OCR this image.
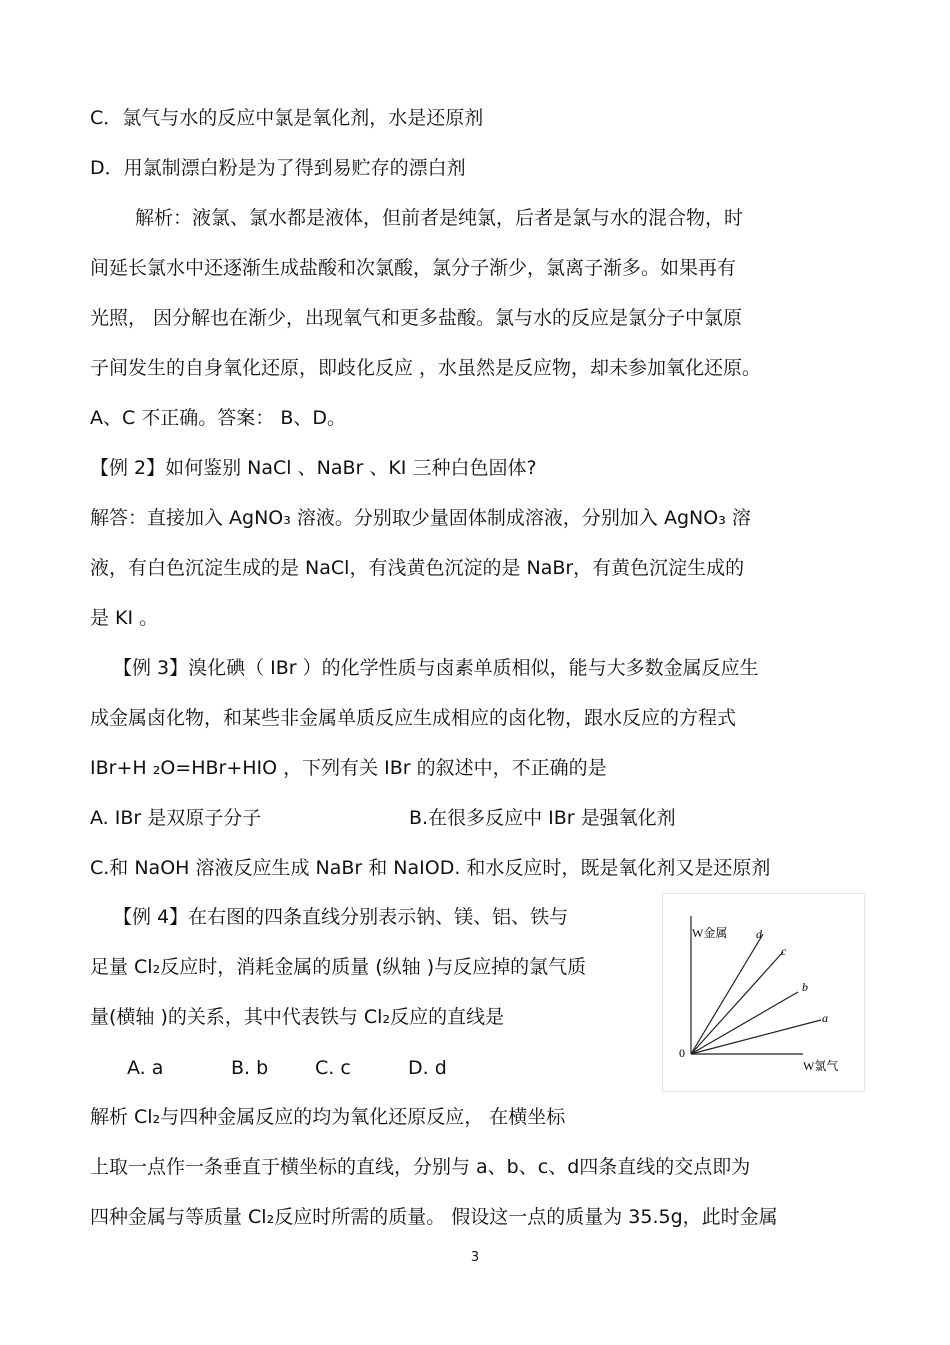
C．氯气与水的反应中氯是氧化剂，水是还原剂
D．用氯制漂白粉是为了得到易贮存的漂白剂
解析：液氯、氯水都是液体，但前者是纯氯，后者是氯与水的混合物，时
间延长氯水中还逐渐生成盐酸和次氯酸，氯分子渐少，氯离子渐多。如果再有
光照， 因分解也在渐少，出现氧气和更多盐酸。氯与水的反应是氯分子中氯原
子间发生的自身氧化还原，即歧化反应 ，水虽然是反应物，却未参加氧化还原。
A、C 不正确。答案： B、D。
【例 2】如何鉴别 NaCl 、NaBr 、KI 三种白色固体?
解答：直接加入 AgNO₃ 溶液。分别取少量固体制成溶液，分别加入 AgNO₃ 溶
液，有白色沉淀生成的是 NaCl，有浅黄色沉淀的是 NaBr，有黄色沉淀生成的
是 KI 。
【例 3】溴化碘（ IBr ）的化学性质与卤素单质相似，能与大多数金属反应生
成金属卤化物，和某些非金属单质反应生成相应的卤化物，跟水反应的方程式
IBr+H ₂O=HBr+HIO ，下列有关 IBr 的叙述中，不正确的是
A. IBr 是双原子分子	B.在很多反应中 IBr 是强氧化剂
C.和 NaOH 溶液反应生成 NaBr 和 NaIOD. 和水反应时，既是氧化剂又是还原剂
【例 4】在右图的四条直线分别表示钠、镁、铝、铁与
足量 Cl₂反应时，消耗金属的质量 (纵轴 )与反应掉的氯气质
量(横轴 )的关系，其中代表铁与 Cl₂反应的直线是
A. a	B. b C. c	D. d
解析 Cl₂与四种金属反应的均为氧化还原反应， 在横坐标
上取一点作一条垂直于横坐标的直线，分别与 a、b、c、d四条直线的交点即为
四种金属与等质量 Cl₂反应时所需的质量。 假设这一点的质量为 35.5g，此时金属
W金属
W氯气
0
d
c
b
a
3
